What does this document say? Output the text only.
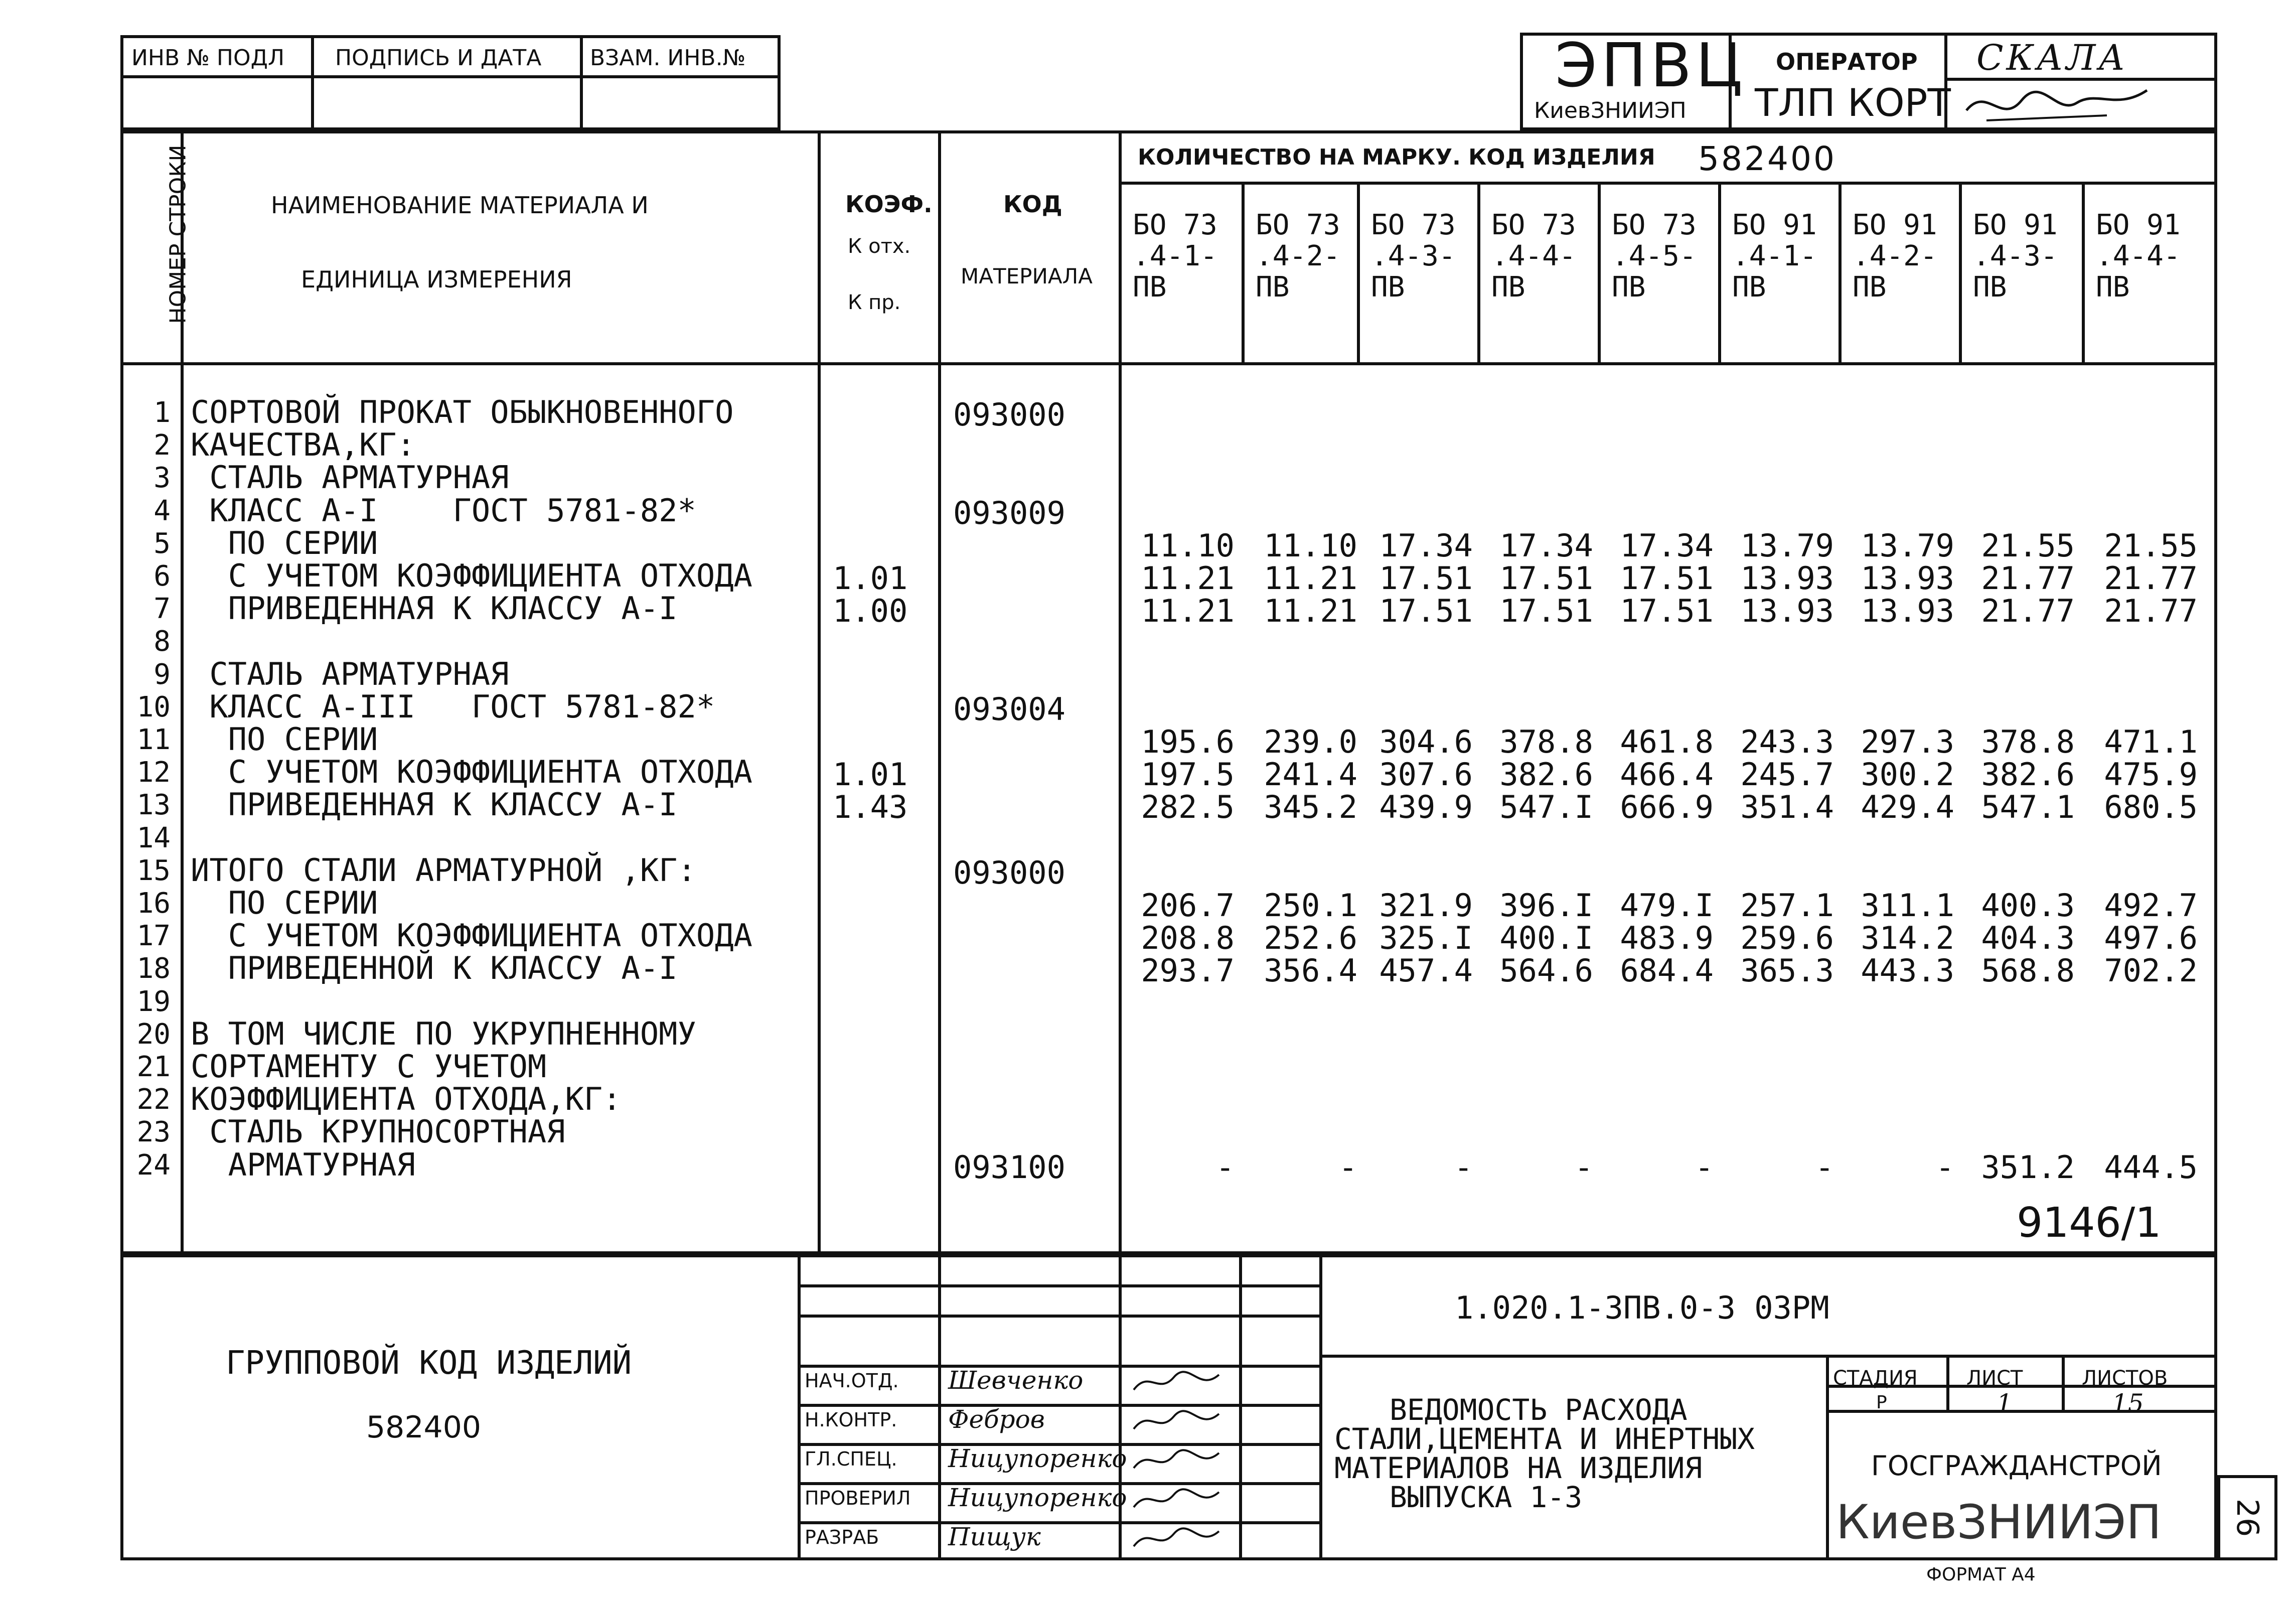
ИНВ № ПОДЛ ПОДПИСЬ И ДАТА ВЗАМ. ИНВ.№	ЭПВЦ
КиевЗНИИЭП
ОПЕРАТОР
ТЛП КОРТ
СКАЛА
НОМЕР СТРОКИ	НАИМЕНОВАНИЕ МАТЕРИАЛА И
ЕДИНИЦА ИЗМЕРЕНИЯ
КОЭФ.
К отх.
К пр.
КОД
МАТЕРИАЛА
КОЛИЧЕСТВО НА МАРКУ. КОД ИЗДЕЛИЯ 582400
БО 73
.4-1-
ПВ
БО 73
.4-2-
ПВ
БО 73
.4-3-
ПВ
БО 73
.4-4-
ПВ
БО 73
.4-5-
ПВ
БО 91
.4-1-
ПВ
БО 91
.4-2-
ПВ
БО 91
.4-3-
ПВ
БО 91
.4-4-
ПВ
1 СОРТОВОЙ ПРОКАТ ОБЫКНОВЕННОГО	093000
2 КАЧЕСТВА,КГ:
3 СТАЛЬ АРМАТУРНАЯ
4 КЛАСС А-I    ГОСТ 5781-82*	093009
5 ПО СЕРИИ	11.10 11.10 17.34 17.34 17.34 13.79 13.79 21.55 21.55
6 С УЧЕТОМ КОЭФФИЦИЕНТА ОТХОДА	1.01	11.21 11.21 17.51 17.51 17.51 13.93 13.93 21.77 21.77
7 ПРИВЕДЕННАЯ К КЛАССУ А-I	1.00	11.21 11.21 17.51 17.51 17.51 13.93 13.93 21.77 21.77
8
9 СТАЛЬ АРМАТУРНАЯ
10 КЛАСС А-III   ГОСТ 5781-82*	093004
11 ПО СЕРИИ	195.6 239.0 304.6 378.8 461.8 243.3 297.3 378.8 471.1
12 С УЧЕТОМ КОЭФФИЦИЕНТА ОТХОДА	1.01	197.5 241.4 307.6 382.6 466.4 245.7 300.2 382.6 475.9
13 ПРИВЕДЕННАЯ К КЛАССУ А-I	1.43	282.5 345.2 439.9 547.I 666.9 351.4 429.4 547.1 680.5
14
15 ИТОГО СТАЛИ АРМАТУРНОЙ ,КГ:	093000
16 ПО СЕРИИ	206.7 250.1 321.9 396.I 479.I 257.1 311.1 400.3 492.7
17 С УЧЕТОМ КОЭФФИЦИЕНТА ОТХОДА	208.8 252.6 325.I 400.I 483.9 259.6 314.2 404.3 497.6
18 ПРИВЕДЕННОЙ К КЛАССУ А-I	293.7 356.4 457.4 564.6 684.4 365.3 443.3 568.8 702.2
19
20 В ТОМ ЧИСЛЕ ПО УКРУПНЕННОМУ
21 СОРТАМЕНТУ С УЧЕТОМ
22 КОЭФФИЦИЕНТА ОТХОДА,КГ:
23 СТАЛЬ КРУПНОСОРТНАЯ
24 АРМАТУРНАЯ	093100	-	-	-	-	-	-	- 351.2 444.5
9146/1
ГРУППОВОЙ КОД ИЗДЕЛИЙ
582400
1.020.1-3ПВ.0-3 03РМ
ВЕДОМОСТЬ РАСХОДА
СТАЛИ,ЦЕМЕНТА И ИНЕРТНЫХ
МАТЕРИАЛОВ НА ИЗДЕЛИЯ
ВЫПУСКА 1-3
СТАДИЯ ЛИСТ	ЛИСТОВ
Р	1	15
ГОСГРАЖДАНСТРОЙ
КиевЗНИИЭП
ФОРМАТ А4
26
НАЧ.ОТД. Шевченко
Н.КОНТР. Фебров
ГЛ.СПЕЦ. Ницупоренко
ПРОВЕРИЛ Ницупоренко
РАЗРАБ	Пищук
